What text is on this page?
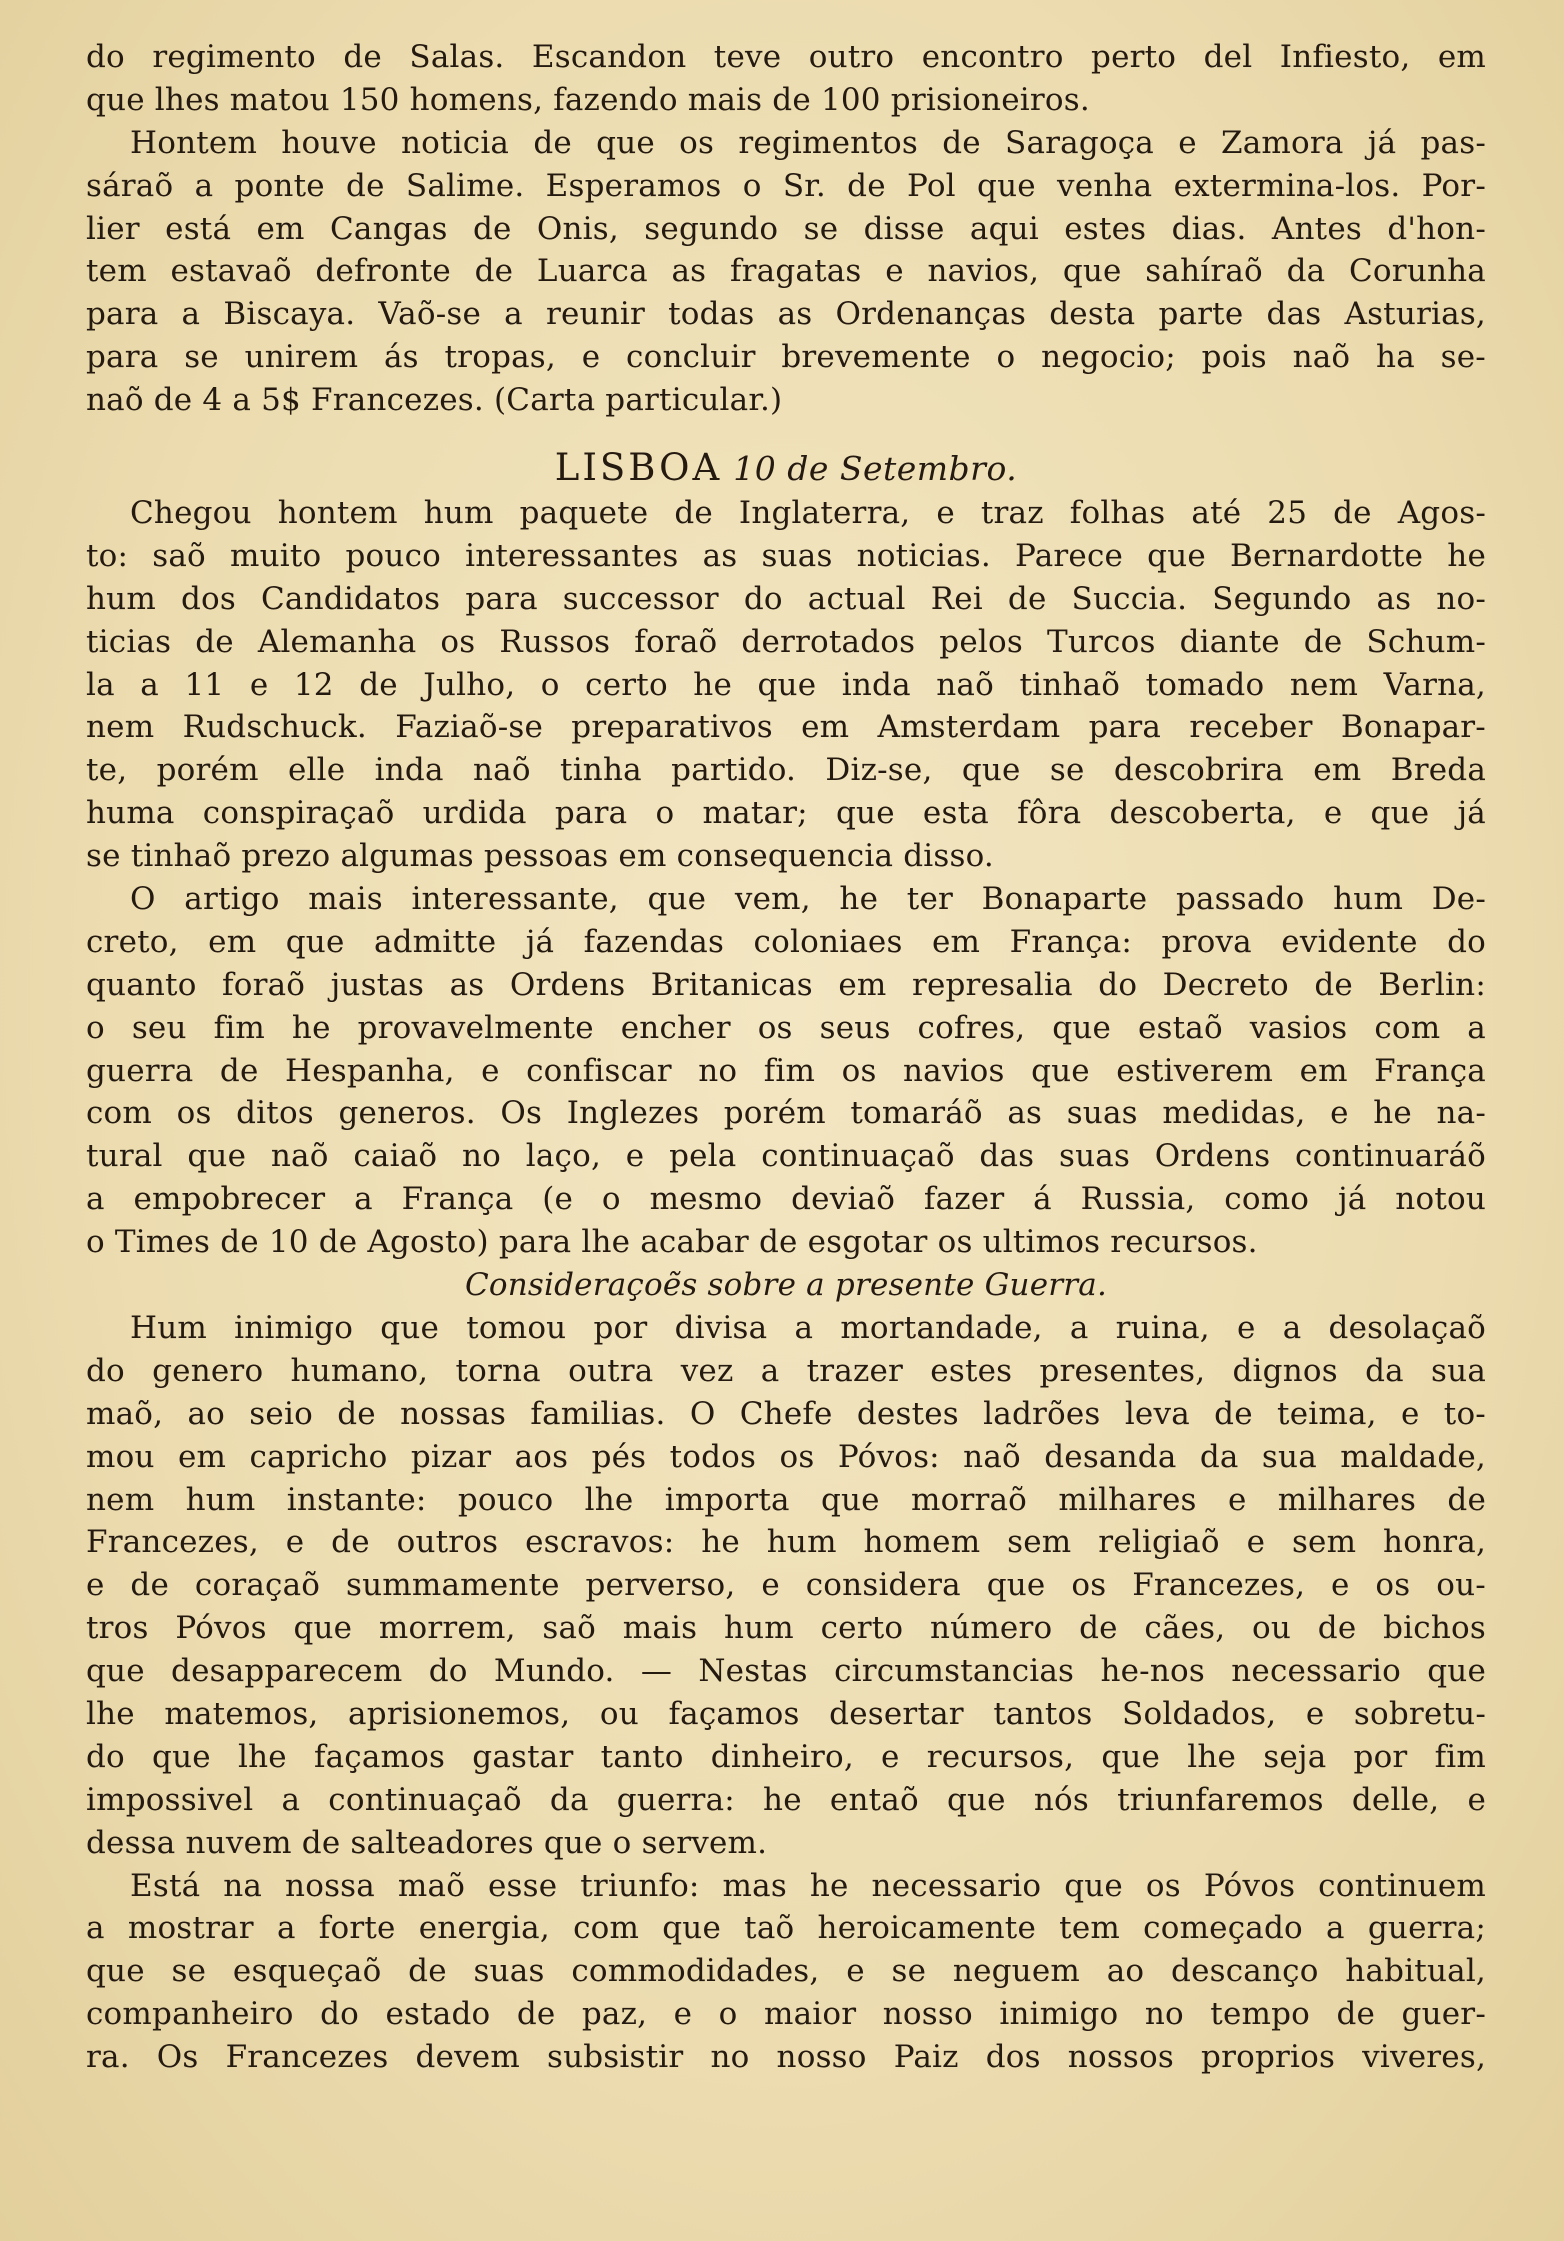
do regimento de Salas. Escandon teve outro encontro perto del Infiesto, em
que lhes matou 150 homens, fazendo mais de 100 prisioneiros.
Hontem houve noticia de que os regimentos de Saragoça e Zamora já pas-
sáraõ a ponte de Salime. Esperamos o Sr. de Pol que venha extermina-los. Por-
lier está em Cangas de Onis, segundo se disse aqui estes dias. Antes d'hon-
tem estavaõ defronte de Luarca as fragatas e navios, que sahíraõ da Corunha
para a Biscaya. Vaõ-se a reunir todas as Ordenanças desta parte das Asturias,
para se unirem ás tropas, e concluir brevemente o negocio; pois naõ ha se-
naõ de 4 a 5$ Francezes. (Carta particular.)
LISBOA 10 de Setembro.
Chegou hontem hum paquete de Inglaterra, e traz folhas até 25 de Agos-
to: saõ muito pouco interessantes as suas noticias. Parece que Bernardotte he
hum dos Candidatos para successor do actual Rei de Succia. Segundo as no-
ticias de Alemanha os Russos foraõ derrotados pelos Turcos diante de Schum-
la a 11 e 12 de Julho, o certo he que inda naõ tinhaõ tomado nem Varna,
nem Rudschuck. Faziaõ-se preparativos em Amsterdam para receber Bonapar-
te, porém elle inda naõ tinha partido. Diz-se, que se descobrira em Breda
huma conspiraçaõ urdida para o matar; que esta fôra descoberta, e que já
se tinhaõ prezo algumas pessoas em consequencia disso.
O artigo mais interessante, que vem, he ter Bonaparte passado hum De-
creto, em que admitte já fazendas coloniaes em França: prova evidente do
quanto foraõ justas as Ordens Britanicas em represalia do Decreto de Berlin:
o seu fim he provavelmente encher os seus cofres, que estaõ vasios com a
guerra de Hespanha, e confiscar no fim os navios que estiverem em França
com os ditos generos. Os Inglezes porém tomaráõ as suas medidas, e he na-
tural que naõ caiaõ no laço, e pela continuaçaõ das suas Ordens continuaráõ
a empobrecer a França (e o mesmo deviaõ fazer á Russia, como já notou
o Times de 10 de Agosto) para lhe acabar de esgotar os ultimos recursos.
Consideraçoẽs sobre a presente Guerra.
Hum inimigo que tomou por divisa a mortandade, a ruina, e a desolaçaõ
do genero humano, torna outra vez a trazer estes presentes, dignos da sua
maõ, ao seio de nossas familias. O Chefe destes ladrões leva de teima, e to-
mou em capricho pizar aos pés todos os Póvos: naõ desanda da sua maldade,
nem hum instante: pouco lhe importa que morraõ milhares e milhares de
Francezes, e de outros escravos: he hum homem sem religiaõ e sem honra,
e de coraçaõ summamente perverso, e considera que os Francezes, e os ou-
tros Póvos que morrem, saõ mais hum certo número de cães, ou de bichos
que desapparecem do Mundo. — Nestas circumstancias he-nos necessario que
lhe matemos, aprisionemos, ou façamos desertar tantos Soldados, e sobretu-
do que lhe façamos gastar tanto dinheiro, e recursos, que lhe seja por fim
impossivel a continuaçaõ da guerra: he entaõ que nós triunfaremos delle, e
dessa nuvem de salteadores que o servem.
Está na nossa maõ esse triunfo: mas he necessario que os Póvos continuem
a mostrar a forte energia, com que taõ heroicamente tem começado a guerra;
que se esqueçaõ de suas commodidades, e se neguem ao descanço habitual,
companheiro do estado de paz, e o maior nosso inimigo no tempo de guer-
ra. Os Francezes devem subsistir no nosso Paiz dos nossos proprios viveres,
